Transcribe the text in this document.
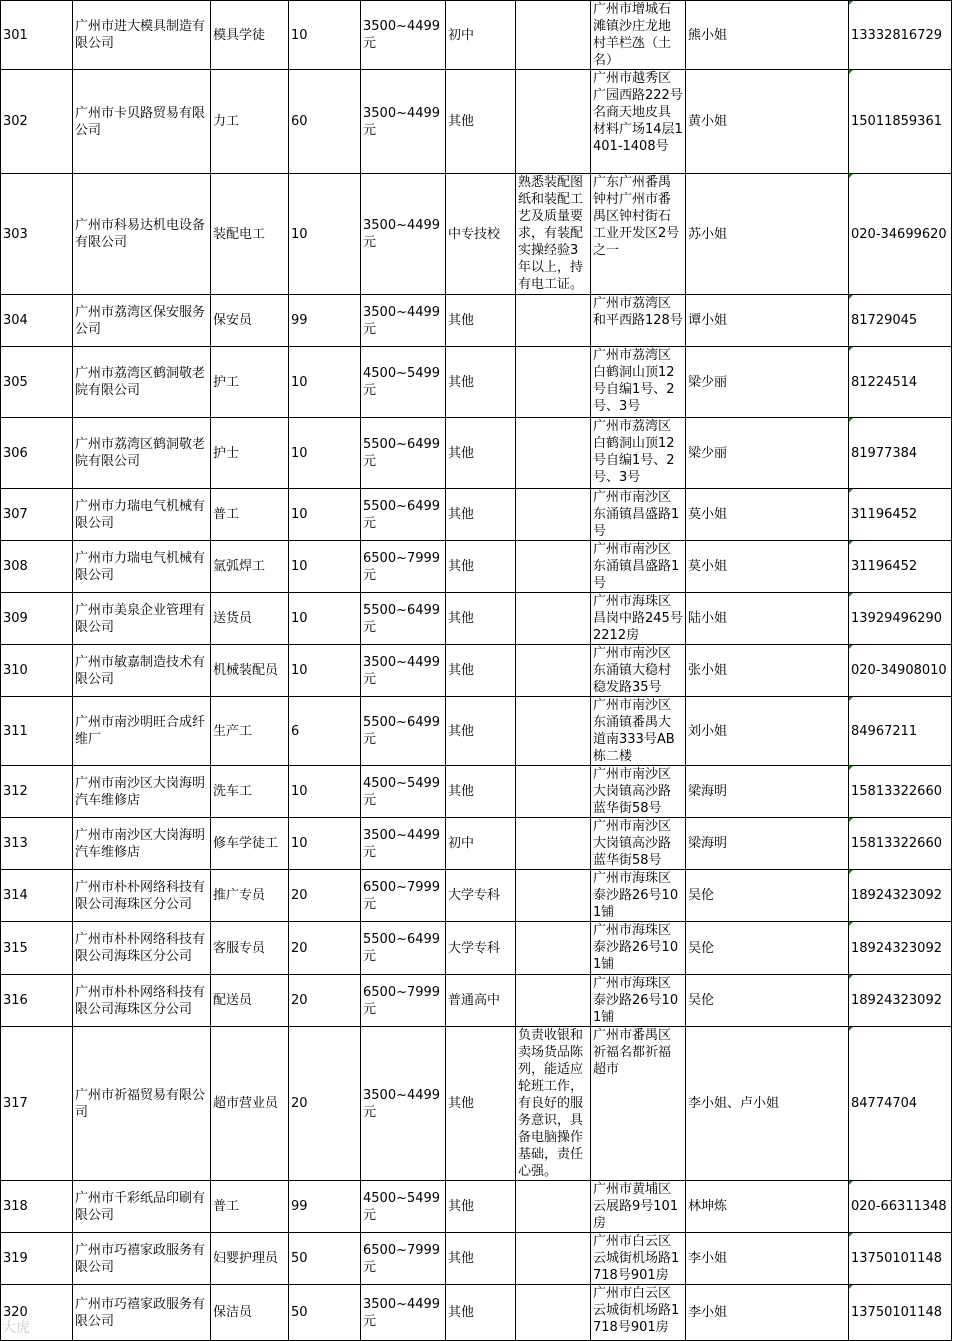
301	广州市进大模具制造有限公司	模具学徒	10	3500~4499元	初中		广州市增城石滩镇沙庄龙地村羊栏氹（土名）	熊小姐	13332816729
302	广州市卡贝路贸易有限公司	力工	60	3500~4499元	其他		广州市越秀区广园西路222号名商天地皮具材料广场14层1401-1408号	黄小姐	15011859361
303	广州市科易达机电设备有限公司	装配电工	10	3500~4499元	中专技校	熟悉装配图纸和装配工艺及质量要求，有装配实操经验3年以上，持有电工证。	广东广州番禺钟村广州市番禺区钟村街石工业开发区2号之一	苏小姐	020-34699620
304	广州市荔湾区保安服务公司	保安员	99	3500~4499元	其他		广州市荔湾区和平西路128号	谭小姐	81729045
305	广州市荔湾区鹤洞敬老院有限公司	护工	10	4500~5499元	其他		广州市荔湾区白鹤洞山顶12号自编1号、2号、3号	梁少丽	81224514
306	广州市荔湾区鹤洞敬老院有限公司	护士	10	5500~6499元	其他		广州市荔湾区白鹤洞山顶12号自编1号、2号、3号	梁少丽	81977384
307	广州市力瑞电气机械有限公司	普工	10	5500~6499元	其他		广州市南沙区东涌镇昌盛路1号	莫小姐	31196452
308	广州市力瑞电气机械有限公司	氩弧焊工	10	6500~7999元	其他		广州市南沙区东涌镇昌盛路1号	莫小姐	31196452
309	广州市美泉企业管理有限公司	送货员	10	5500~6499元	其他		广州市海珠区昌岗中路245号2212房	陆小姐	13929496290
310	广州市敏嘉制造技术有限公司	机械装配员	10	3500~4499元	其他		广州市南沙区东涌镇大稳村稳发路35号	张小姐	020-34908010
311	广州市南沙明旺合成纤维厂	生产工	6	5500~6499元	其他		广州市南沙区东涌镇番禺大道南333号AB栋二楼	刘小姐	84967211
312	广州市南沙区大岗海明汽车维修店	洗车工	10	4500~5499元	其他		广州市南沙区大岗镇高沙路蓝华街58号	梁海明	15813322660
313	广州市南沙区大岗海明汽车维修店	修车学徒工	10	3500~4499元	初中		广州市南沙区大岗镇高沙路蓝华街58号	梁海明	15813322660
314	广州市朴朴网络科技有限公司海珠区分公司	推广专员	20	6500~7999元	大学专科		广州市海珠区泰沙路26号101铺	吴伦	18924323092
315	广州市朴朴网络科技有限公司海珠区分公司	客服专员	20	5500~6499元	大学专科		广州市海珠区泰沙路26号101铺	吴伦	18924323092
316	广州市朴朴网络科技有限公司海珠区分公司	配送员	20	6500~7999元	普通高中		广州市海珠区泰沙路26号101铺	吴伦	18924323092
317	广州市祈福贸易有限公司	超市营业员	20	3500~4499元	其他	负责收银和卖场货品陈列，能适应轮班工作，有良好的服务意识，具备电脑操作基础，责任心强。	广州市番禺区祈福名都祈福超市	李小姐、卢小姐	84774704
318	广州市千彩纸品印刷有限公司	普工	99	4500~5499元	其他		广州市黄埔区云展路9号101房	林坤炼	020-66311348
319	广州市巧禧家政服务有限公司	妇婴护理员	50	6500~7999元	其他		广州市白云区云城街机场路1718号901房	李小姐	13750101148
320	广州市巧禧家政服务有限公司	保洁员	50	3500~4499元	其他		广州市白云区云城街机场路1718号901房	李小姐	13750101148
大虎
